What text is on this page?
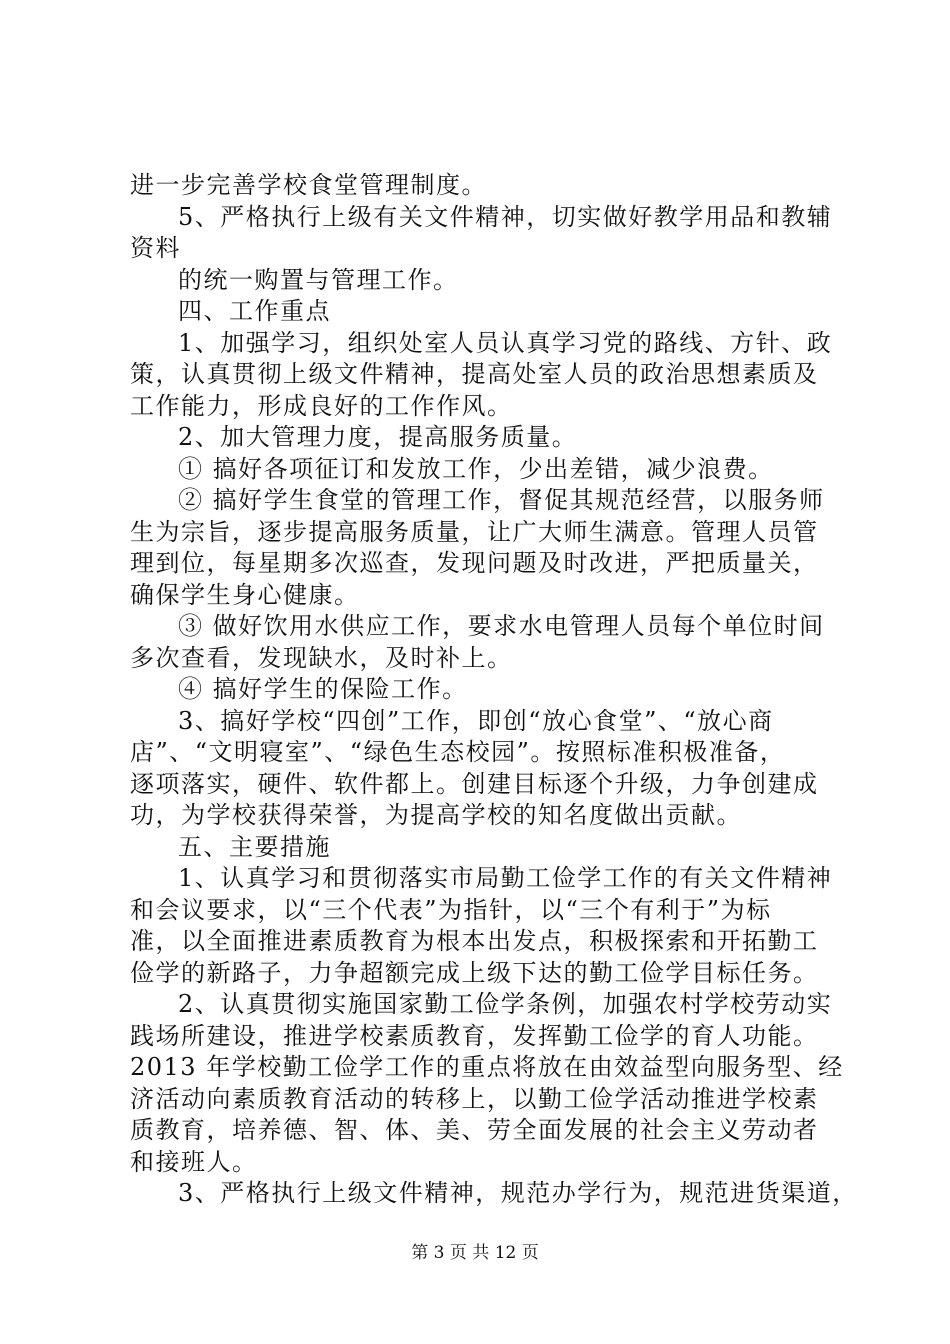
进一步完善学校食堂管理制度。
5、严格执行上级有关文件精神，切实做好教学用品和教辅
资料
的统一购置与管理工作。
四、工作重点
1、加强学习，组织处室人员认真学习党的路线、方针、政
策，认真贯彻上级文件精神，提高处室人员的政治思想素质及
工作能力，形成良好的工作作风。
2、加大管理力度，提高服务质量。
① 搞好各项征订和发放工作，少出差错，减少浪费。
② 搞好学生食堂的管理工作，督促其规范经营，以服务师
生为宗旨，逐步提高服务质量，让广大师生满意。管理人员管
理到位，每星期多次巡查，发现问题及时改进，严把质量关，
确保学生身心健康。
③ 做好饮用水供应工作，要求水电管理人员每个单位时间
多次查看，发现缺水，及时补上。
④ 搞好学生的保险工作。
3、搞好学校“四创”工作，即创“放心食堂”、“放心商
店”、“文明寝室”、“绿色生态校园”。按照标准积极准备，
逐项落实，硬件、软件都上。创建目标逐个升级，力争创建成
功，为学校获得荣誉，为提高学校的知名度做出贡献。
五、主要措施
1、认真学习和贯彻落实市局勤工俭学工作的有关文件精神
和会议要求，以“三个代表”为指针，以“三个有利于”为标
准，以全面推进素质教育为根本出发点，积极探索和开拓勤工
俭学的新路子，力争超额完成上级下达的勤工俭学目标任务。
2、认真贯彻实施国家勤工俭学条例，加强农村学校劳动实
践场所建设，推进学校素质教育，发挥勤工俭学的育人功能。
2013 年学校勤工俭学工作的重点将放在由效益型向服务型、经
济活动向素质教育活动的转移上，以勤工俭学活动推进学校素
质教育，培养德、智、体、美、劳全面发展的社会主义劳动者
和接班人。
3、严格执行上级文件精神，规范办学行为，规范进货渠道，
第 3 页 共 12 页
